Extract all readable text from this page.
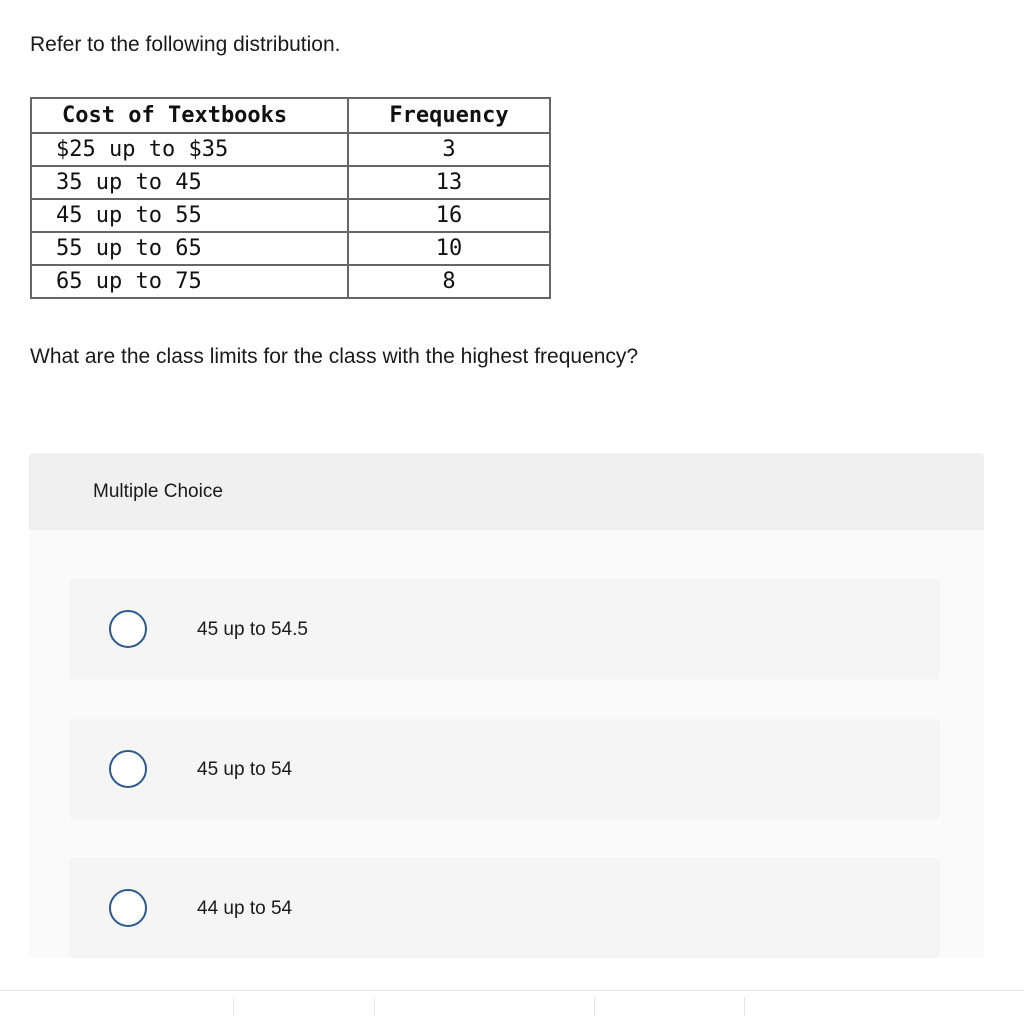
Refer to the following distribution.
Cost of Textbooks	Frequency
$25 up to $35	3
35 up to 45	13
45 up to 55	16
55 up to 65	10
65 up to 75	8
What are the class limits for the class with the highest frequency?
Multiple Choice
45 up to 54.5
45 up to 54
44 up to 54
